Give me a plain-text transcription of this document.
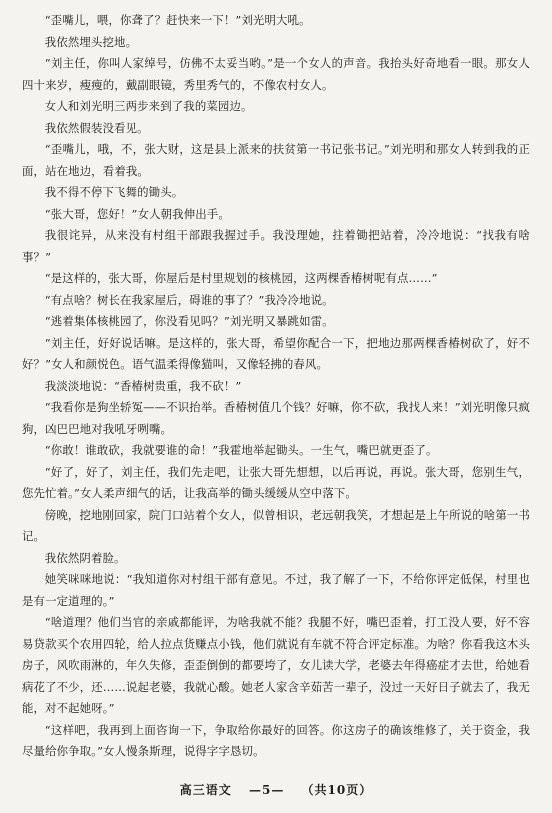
“歪嘴儿，喂，你聋了？赶快来一下！”刘光明大吼。

我依然埋头挖地。

“刘主任，你叫人家绰号，仿佛不太妥当哟。”是一个女人的声音。我抬头好奇地看一眼。那女人四十来岁，瘦瘦的，戴副眼镜，秀里秀气的，不像农村女人。

女人和刘光明三两步来到了我的菜园边。

我依然假装没看见。

“歪嘴儿，哦，不，张大财，这是县上派来的扶贫第一书记张书记。”刘光明和那女人转到我的正面，站在地边，看着我。

我不得不停下飞舞的锄头。

“张大哥，您好！”女人朝我伸出手。

我很诧异，从来没有村组干部跟我握过手。我没理她，拄着锄把站着，冷冷地说：“找我有啥事？”

“是这样的，张大哥，你屋后是村里规划的核桃园，这两棵香椿树呢有点……”

“有点啥？树长在我家屋后，碍谁的事了？”我冷冷地说。

“逃着集体核桃园了，你没看见吗？”刘光明又暴跳如雷。

“刘主任，好好说话嘛。是这样的，张大哥，希望你配合一下，把地边那两棵香椿树砍了，好不好？”女人和颜悦色。语气温柔得像猫叫，又像轻拂的春风。

我淡淡地说：“香椿树贵重，我不砍！”

“我看你是狗坐轿冤——不识抬举。香椿树值几个钱？好嘛，你不砍，我找人来！”刘光明像只疯狗，凶巴巴地对我吼牙咧嘴。

“你敢！谁敢砍，我就要谁的命！”我霍地举起锄头。一生气，嘴巴就更歪了。

“好了，好了，刘主任，我们先走吧，让张大哥先想想，以后再说，再说。张大哥，您别生气，您先忙着。”女人柔声细气的话，让我高举的锄头缓缓从空中落下。

傍晚，挖地刚回家，院门口站着个女人，似曾相识，老远朝我笑，才想起是上午所说的啥第一书记。

我依然阴着脸。

她笑咪咪地说：“我知道你对村组干部有意见。不过，我了解了一下，不给你评定低保，村里也是有一定道理的。”

“啥道理？他们当官的亲戚都能评，为啥我就不能？我腿不好，嘴巴歪着，打工没人要，好不容易贷款买个农用四轮，给人拉点货赚点小钱，他们就说有车就不符合评定标准。为啥？你看我这木头房子，风吹雨淋的，年久失修，歪歪倒倒的都要垮了，女儿读大学，老婆去年得癌症才去世，给她看病花了不少，还……说起老婆，我就心酸。她老人家含辛茹苦一辈子，没过一天好日子就去了，我无能，对不起她呀。”

“这样吧，我再到上面咨询一下，争取给你最好的回答。你这房子的确该维修了，关于资金，我尽量给你争取。”女人慢条斯理，说得字字恳切。

高三语文 —5— （共10页）
